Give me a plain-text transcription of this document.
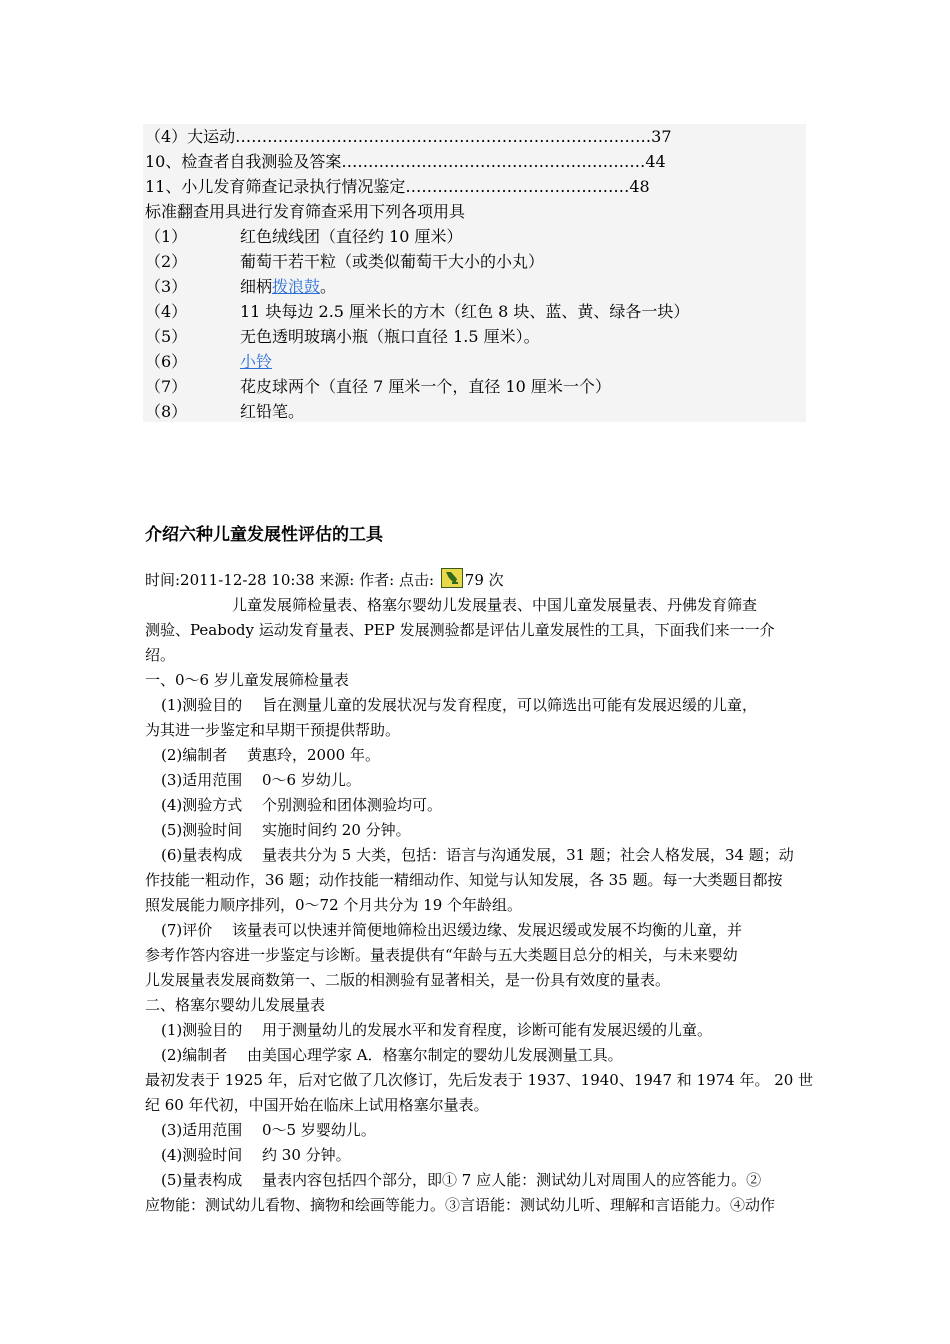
（4）大运动……………………………………………………………………37
10、检查者自我测验及答案…………………………………………………44
11、小儿发育筛查记录执行情况鉴定……………………………………48
标准翻查用具进行发育筛查采用下列各项用具
（1）	红色绒线团（直径约 10 厘米）
（2）	葡萄干若干粒（或类似葡萄干大小的小丸）
（3）	细柄拨浪鼓。
（4）	11 块每边 2.5 厘米长的方木（红色 8 块、蓝、黄、绿各一块）
（5）	无色透明玻璃小瓶（瓶口直径 1.5 厘米）。
（6）	小铃
（7）	花皮球两个（直径 7 厘米一个，直径 10 厘米一个）
（8）	红铅笔。
介绍六种儿童发展性评估的工具
时间:2011-12-28 10:38 来源: 作者: 点击: 79 次
儿童发展筛检量表、格塞尔婴幼儿发展量表、中国儿童发展量表、丹佛发育筛查
测验、Peabody 运动发育量表、PEP 发展测验都是评估儿童发展性的工具，下面我们来一一介
绍。
一、0～6 岁儿童发展筛检量表
(1)测验目的　 旨在测量儿童的发展状况与发育程度，可以筛选出可能有发展迟缓的儿童，
为其进一步鉴定和早期干预提供帮助。
(2)编制者　 黄惠玲，2000 年。
(3)适用范围　 0～6 岁幼儿。
(4)测验方式　 个别测验和团体测验均可。
(5)测验时间　 实施时间约 20 分钟。
(6)量表构成　 量表共分为 5 大类，包括：语言与沟通发展，31 题；社会人格发展，34 题；动
作技能一粗动作，36 题；动作技能一精细动作、知觉与认知发展，各 35 题。每一大类题目都按
照发展能力顺序排列，0～72 个月共分为 19 个年龄组。
(7)评价　 该量表可以快速并简便地筛检出迟缓边缘、发展迟缓或发展不均衡的儿童，并
参考作答内容进一步鉴定与诊断。量表提供有“年龄与五大类题目总分的相关，与未来婴幼
儿发展量表发展商数第一、二版的相测验有显著相关，是一份具有效度的量表。
二、格塞尔婴幼儿发展量表
(1)测验目的　 用于测量幼儿的发展水平和发育程度，诊断可能有发展迟缓的儿童。
(2)编制者　 由美国心理学家 A．格塞尔制定的婴幼儿发展测量工具。
最初发表于 1925 年，后对它做了几次修订，先后发表于 1937、1940、1947 和 1974 年。 20 世
纪 60 年代初，中国开始在临床上试用格塞尔量表。
(3)适用范围　 0～5 岁婴幼儿。
(4)测验时间　 约 30 分钟。
(5)量表构成　 量表内容包括四个部分，即① 7 应人能：测试幼儿对周围人的应答能力。②
应物能：测试幼儿看物、摘物和绘画等能力。③言语能：测试幼儿听、理解和言语能力。④动作
